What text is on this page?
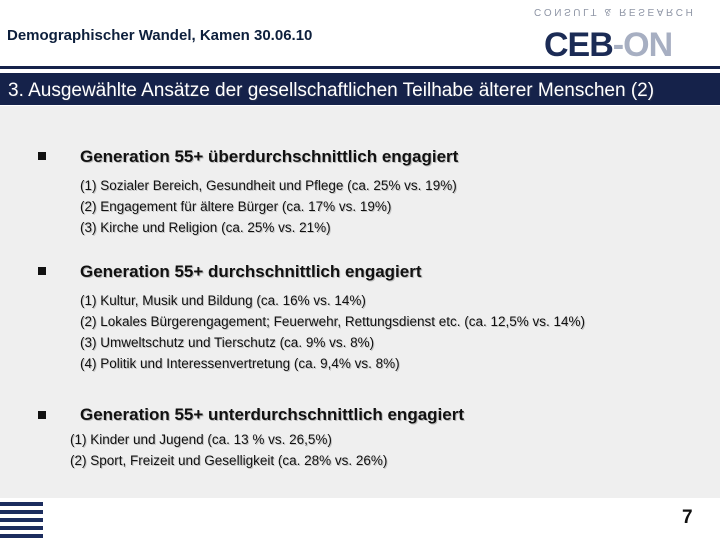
Demographischer Wandel, Kamen 30.06.10
CONSULT & RESEARCH
CEB-ON
3. Ausgewählte Ansätze der gesellschaftlichen Teilhabe älterer Menschen (2)
Generation 55+ überdurchschnittlich engagiert
(1) Sozialer Bereich, Gesundheit und Pflege (ca. 25% vs. 19%)
(2) Engagement für ältere Bürger (ca. 17% vs. 19%)
(3) Kirche und Religion (ca. 25% vs. 21%)
Generation 55+ durchschnittlich engagiert
(1) Kultur, Musik und Bildung (ca. 16% vs. 14%)
(2) Lokales Bürgerengagement; Feuerwehr, Rettungsdienst etc. (ca. 12,5% vs. 14%)
(3) Umweltschutz und Tierschutz (ca. 9% vs. 8%)
(4) Politik und Interessenvertretung (ca. 9,4% vs. 8%)
Generation 55+ unterdurchschnittlich engagiert
(1) Kinder und Jugend (ca. 13 % vs. 26,5%)
(2) Sport, Freizeit und Geselligkeit (ca. 28% vs. 26%)
7
